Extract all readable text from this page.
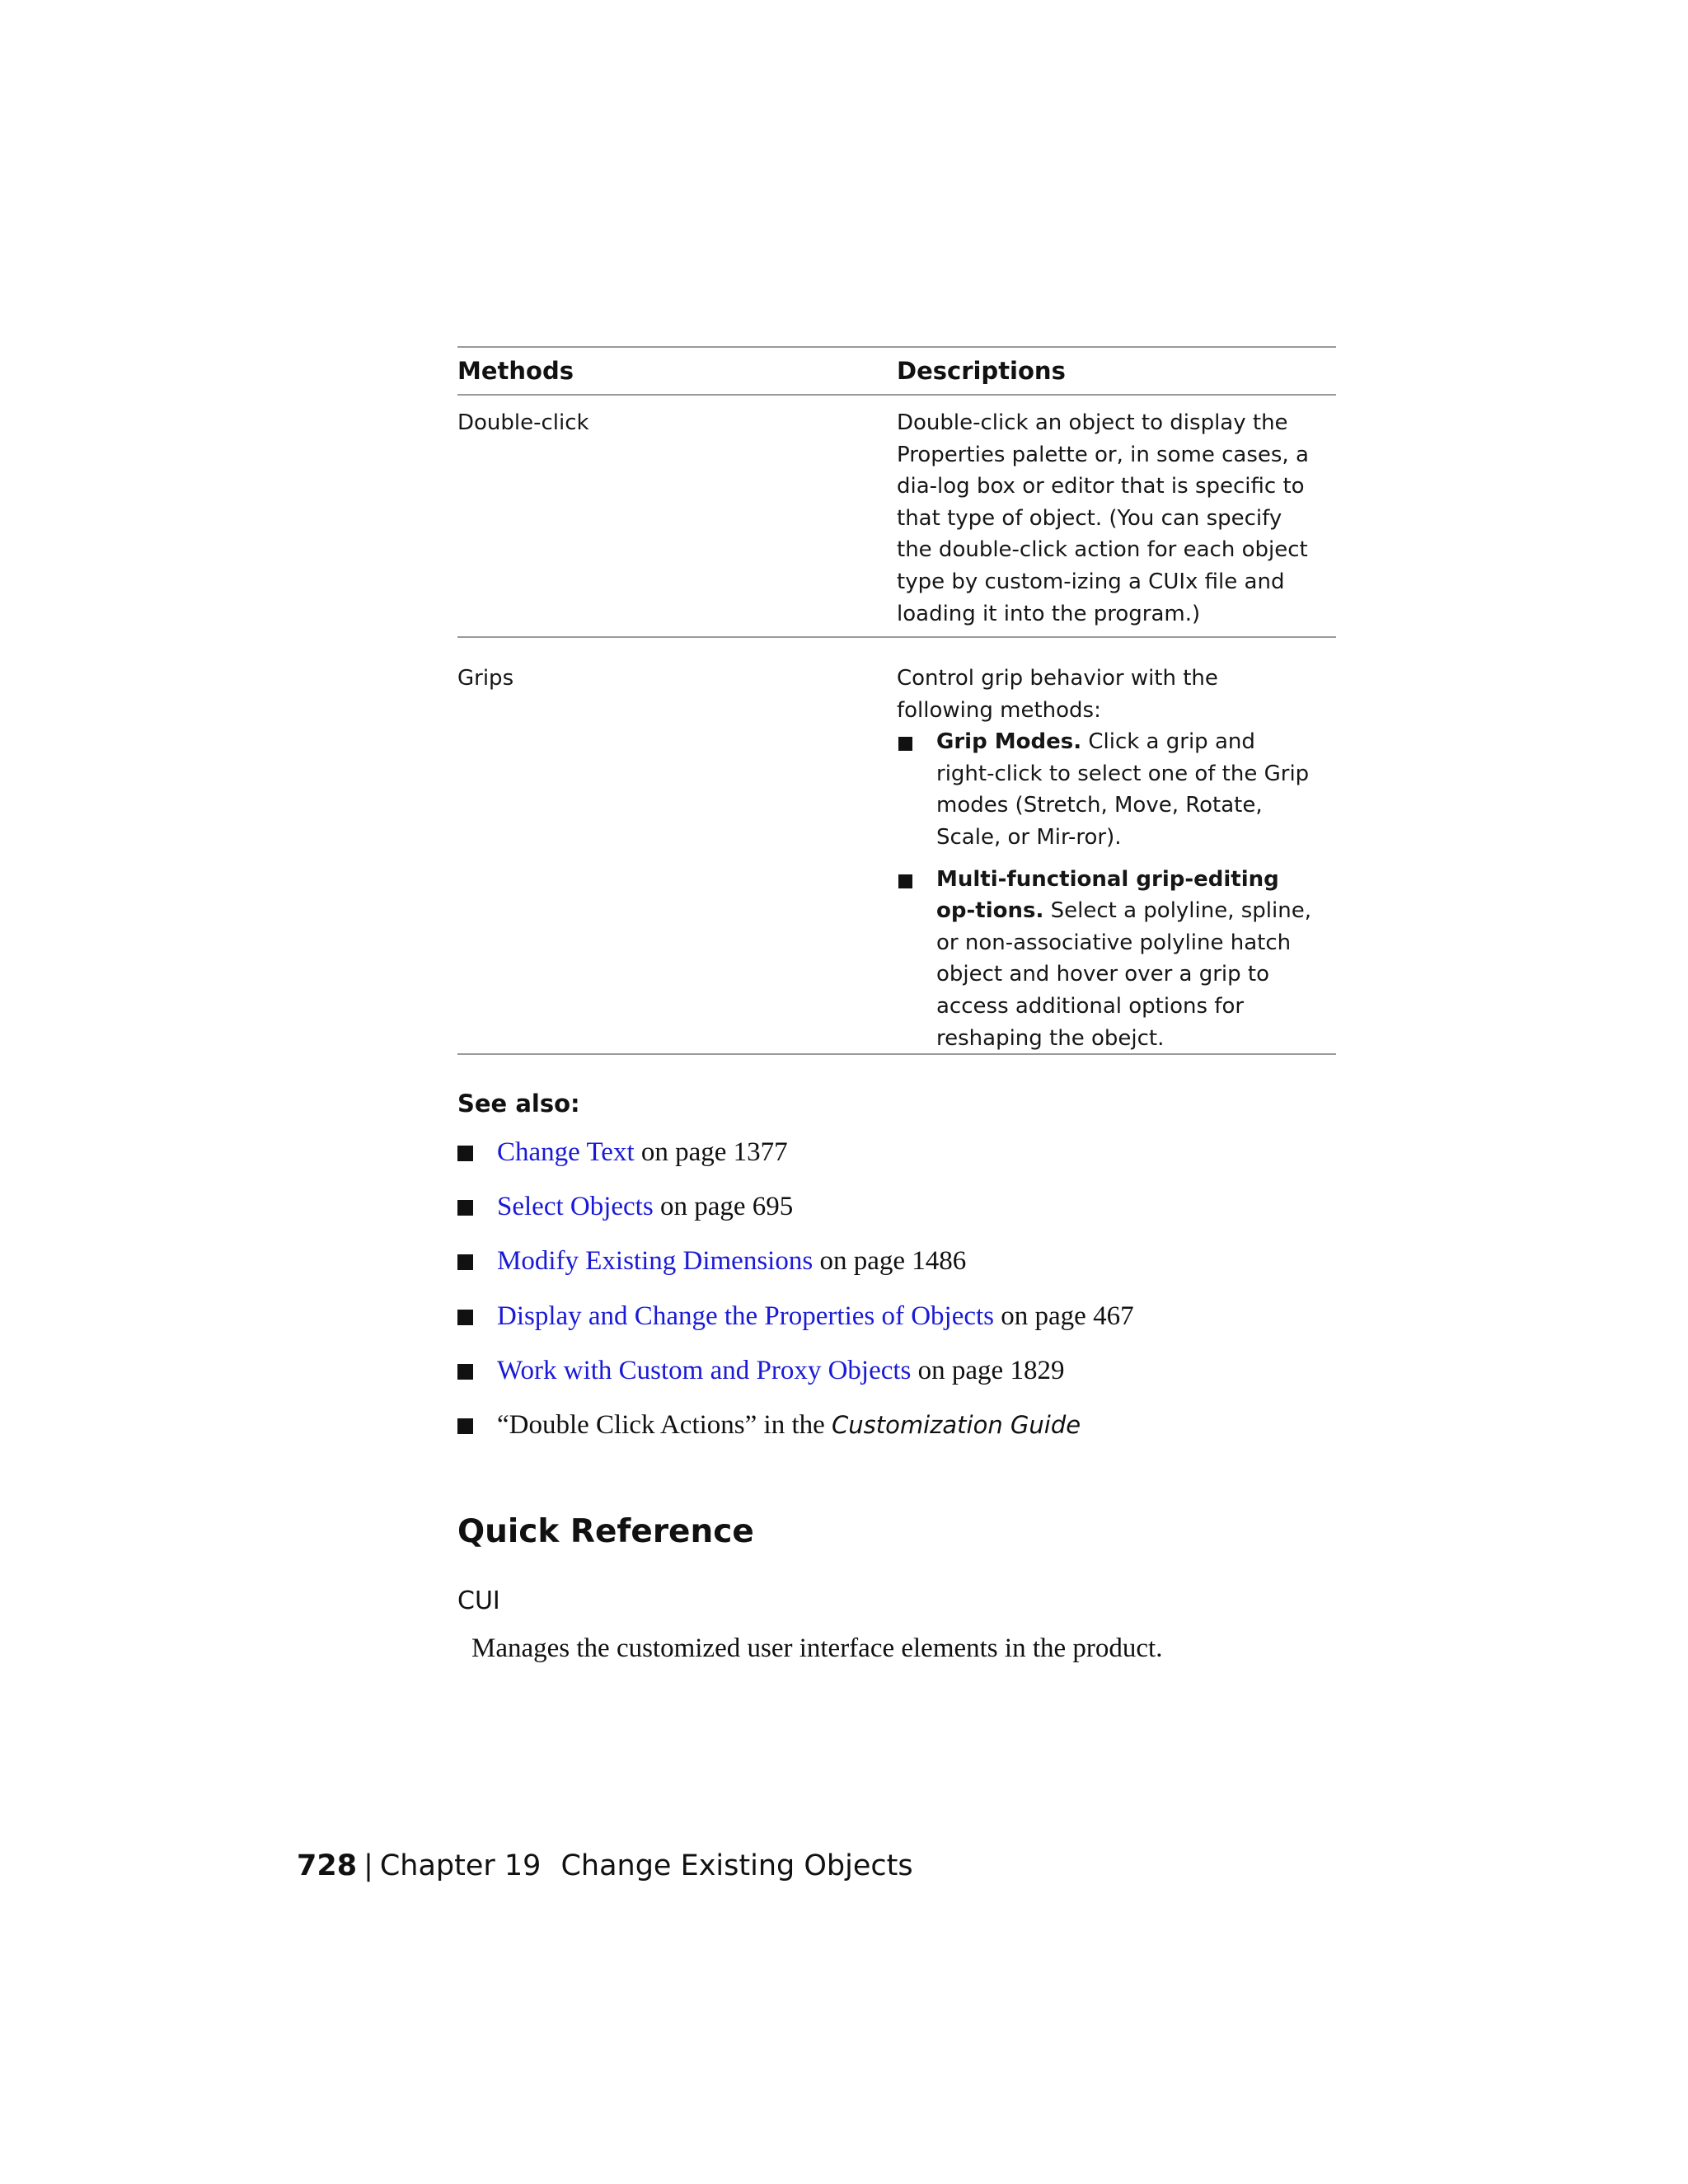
Methods	Descriptions
Double-click	Double-click an object to display the Properties palette or, in some cases, a dia-log box or editor that is specific to that type of object. (You can specify the double-click action for each object type by custom-izing a CUIx file and loading it into the program.)
Grips	Control grip behavior with the following methods:
Grip Modes. Click a grip and right-click to select one of the Grip modes (Stretch, Move, Rotate, Scale, or Mir-ror).
Multi-functional grip-editing op-tions. Select a polyline, spline, or non-associative polyline hatch object and hover over a grip to access additional options for reshaping the obejct.
See also:
Change Text on page 1377
Select Objects on page 695
Modify Existing Dimensions on page 1486
Display and Change the Properties of Objects on page 467
Work with Custom and Proxy Objects on page 1829
“Double Click Actions” in the Customization Guide
Quick Reference
CUI
Manages the customized user interface elements in the product.
728 | Chapter 19 Change Existing Objects
